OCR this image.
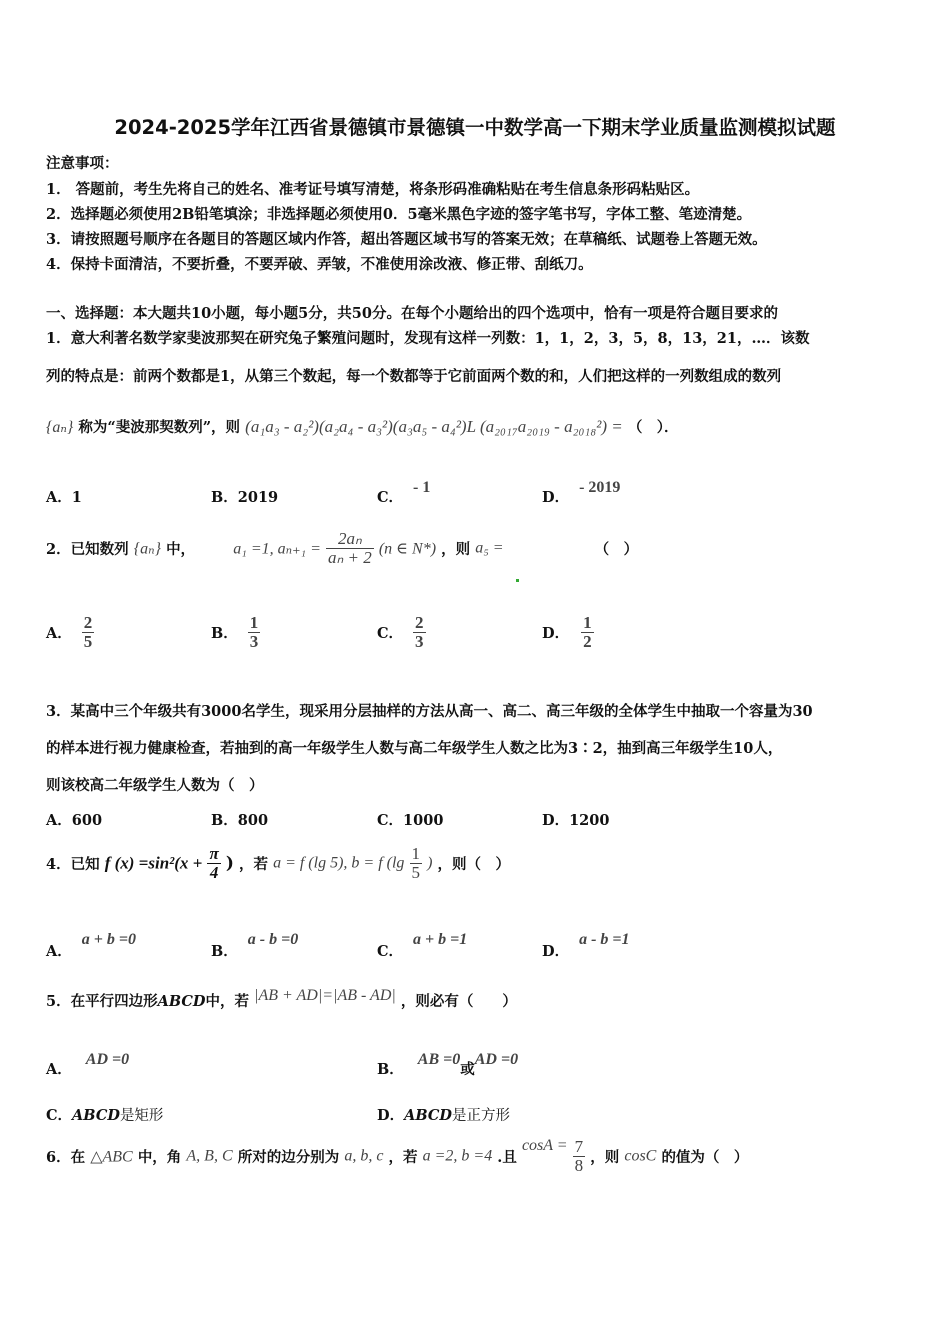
2024-2025学年江西省景德镇市景德镇一中数学高一下期末学业质量监测模拟试题
注意事项：
1． 答题前，考生先将自己的姓名、准考证号填写清楚，将条形码准确粘贴在考生信息条形码粘贴区。
2．选择题必须使用2B铅笔填涂；非选择题必须使用0．5毫米黑色字迹的签字笔书写，字体工整、笔迹清楚。
3．请按照题号顺序在各题目的答题区域内作答，超出答题区域书写的答案无效；在草稿纸、试题卷上答题无效。
4．保持卡面清洁，不要折叠，不要弄破、弄皱，不准使用涂改液、修正带、刮纸刀。
一、选择题：本大题共10小题，每小题5分，共50分。在每个小题给出的四个选项中，恰有一项是符合题目要求的
1．意大利著名数学家斐波那契在研究兔子繁殖问题时，发现有这样一列数：1，1，2，3，5，8，13，21，…．该数
列的特点是：前两个数都是1，从第三个数起，每一个数都等于它前面两个数的和，人们把这样的一列数组成的数列
{aₙ} 称为“斐波那契数列”，则 (a₁a₃ - a₂²)(a₂a₄ - a₃²)(a₃a₅ - a₄²)L (a₂₀₁₇a₂₀₁₉ - a₂₀₁₈²) = （　）．
A．1	B．2019	C．- 1
D．- 2019
2．已知数列 {aₙ} 中， a₁ =1, $a_{n+1} = \frac{\text{2aₙ}}{\text{aₙ + 2}} (n$ ∈ N*) ，则 a₅ =	（　）
A． $\frac{2}{5}$	B． $\frac{1}{3}$	C． $\frac{2}{3}$	D． $\frac{1}{2}$
3．某高中三个年级共有3000名学生，现采用分层抽样的方法从高一、高二、高三年级的全体学生中抽取一个容量为30
的样本进行视力健康检查，若抽到的高一年级学生人数与高二年级学生人数之比为3∶2，抽到高三年级学生10人，
则该校高二年级学生人数为（　）
A．600	B．800	C．1000	D．1200
4．已知 f $(x) =\sin^2(x + \frac{\pi}{4}$ ) ，若 a = f (lg 5), b = f ($\lg \frac{1}{5}$ ) ，则（　）
A．a + b =0
B．a - b =0
C．a + b =1
D．a - b =1
5．在平行四边形ABCD中，若 |AB + AD|=|AB - AD| ，则必有（　　）
A．AD =0
B．AB =0或AD =0
C．ABCD是矩形	D．ABCD是正方形
6．在 △ABC 中，角 A, B, C 所对的边分别为 a, b, c ，若 a =2, b =4 .且 $\cos A = \frac{7}{8}$ ，则 cosC 的值为（　）
